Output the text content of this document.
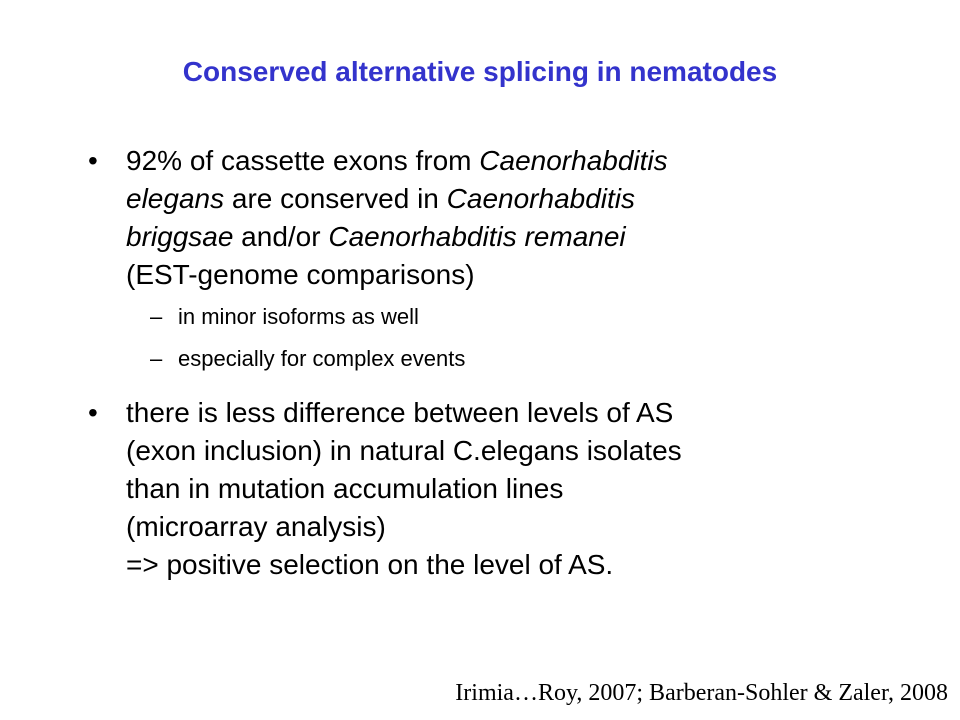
Conserved alternative splicing in nematodes
• 92% of cassette exons from Caenorhabditis
elegans are conserved in Caenorhabditis
briggsae and/or Caenorhabditis remanei
(EST-genome comparisons)
– in minor isoforms as well
– especially for complex events
• there is less difference between levels of AS
(exon inclusion) in natural C.elegans isolates
than in mutation accumulation lines
(microarray analysis)
=> positive selection on the level of AS.
Irimia…Roy, 2007; Barberan-Sohler & Zaler, 2008
